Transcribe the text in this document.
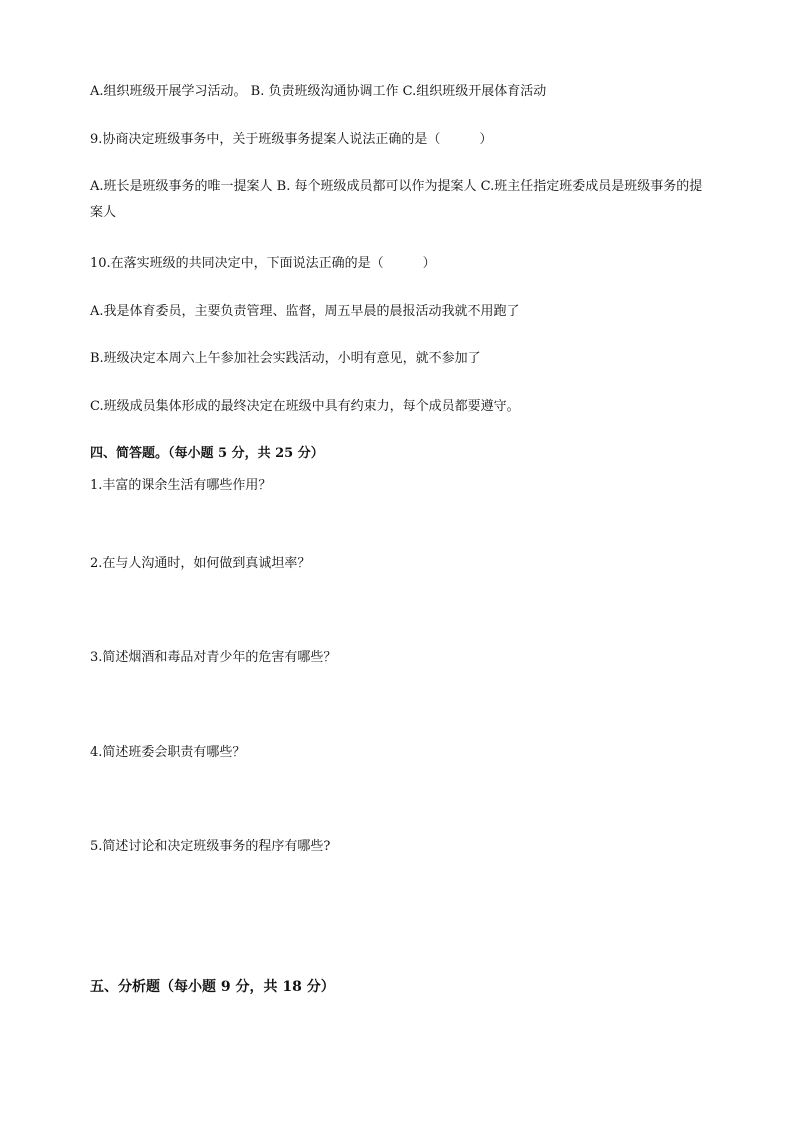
A.组织班级开展学习活动。 B. 负责班级沟通协调工作 C.组织班级开展体育活动
9.协商决定班级事务中，关于班级事务提案人说法正确的是（　　　）
A.班长是班级事务的唯一提案人 B. 每个班级成员都可以作为提案人 C.班主任指定班委成员是班级事务的提案人
10.在落实班级的共同决定中，下面说法正确的是（　　　）
A.我是体育委员，主要负责管理、监督，周五早晨的晨报活动我就不用跑了
B.班级决定本周六上午参加社会实践活动，小明有意见，就不参加了
C.班级成员集体形成的最终决定在班级中具有约束力，每个成员都要遵守。
四、简答题。（每小题 5 分，共 25 分）
1.丰富的课余生活有哪些作用？
2.在与人沟通时，如何做到真诚坦率？
3.简述烟酒和毒品对青少年的危害有哪些？
4.简述班委会职责有哪些？
5.简述讨论和决定班级事务的程序有哪些?
五、分析题（每小题 9 分，共 18 分）
